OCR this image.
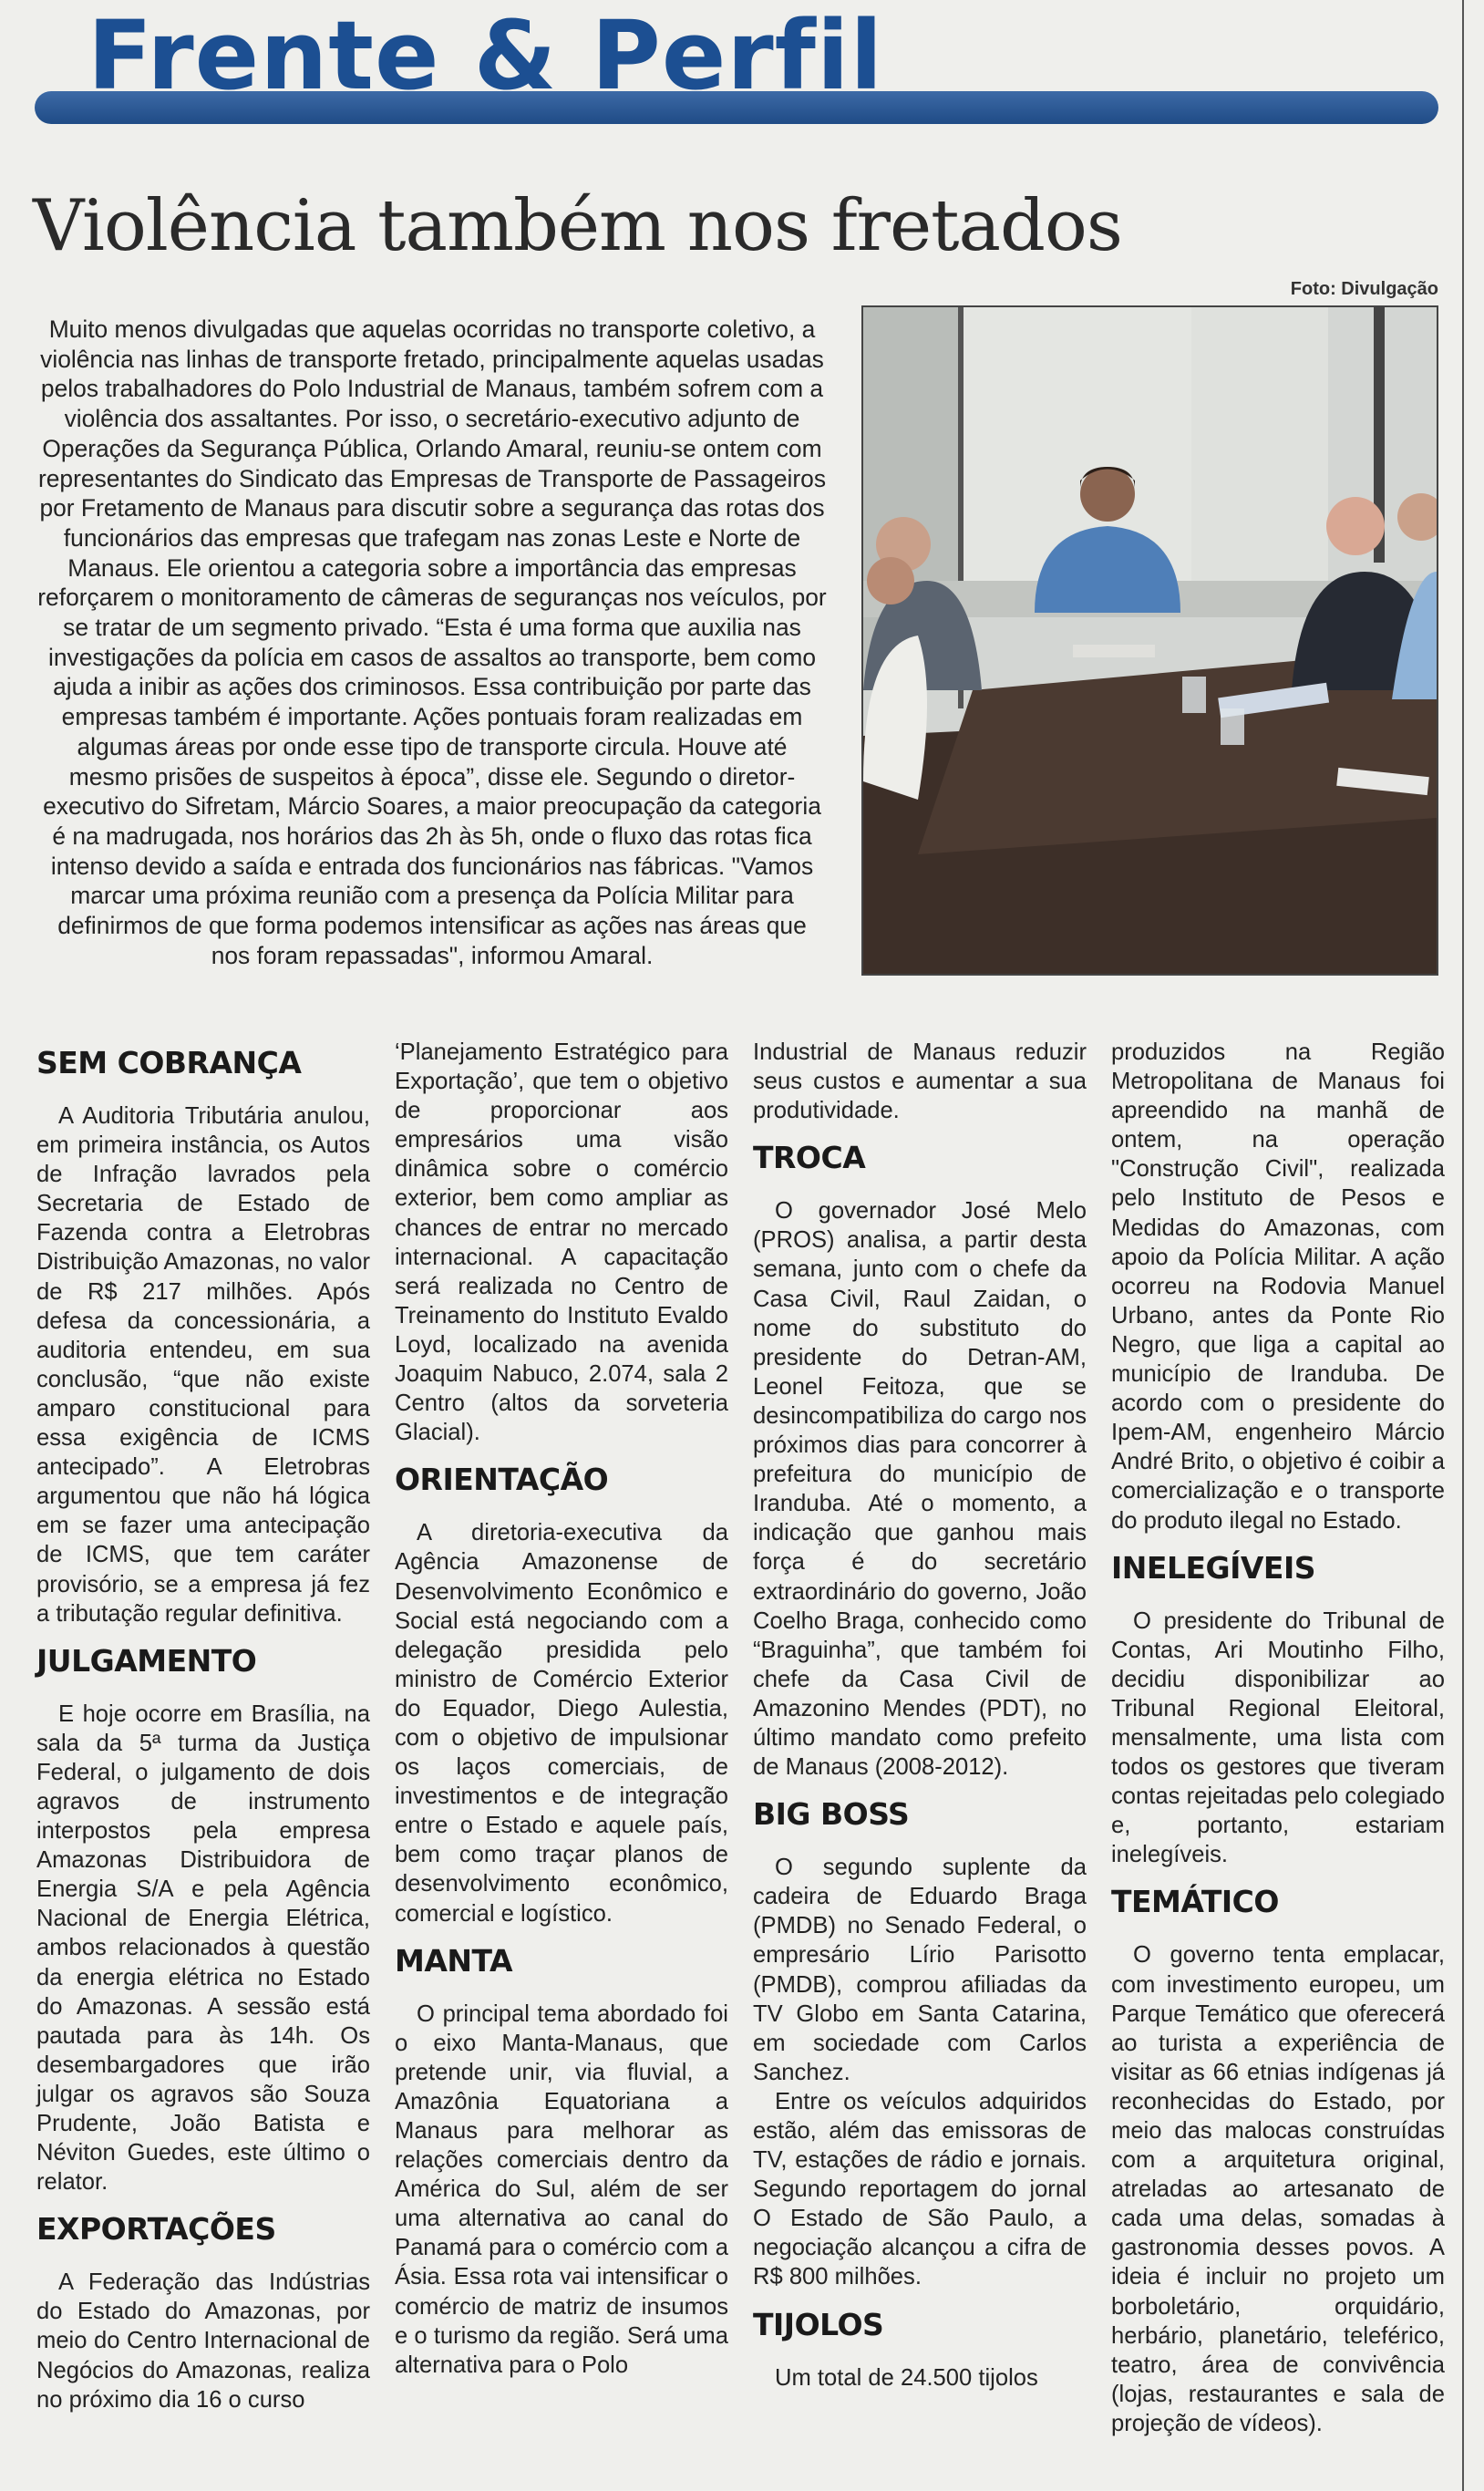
Frente & Perfil
Violência também nos fretados
Foto: Divulgação

Muito menos divulgadas que aquelas ocorridas no transporte coletivo, a violência nas linhas de transporte fretado, principalmente aquelas usadas pelos trabalhadores do Polo Industrial de Manaus, também sofrem com a violência dos assaltantes. Por isso, o secretário-executivo adjunto de Operações da Segurança Pública, Orlando Amaral, reuniu-se ontem com representantes do Sindicato das Empresas de Transporte de Passageiros por Fretamento de Manaus para discutir sobre a segurança das rotas dos funcionários das empresas que trafegam nas zonas Leste e Norte de Manaus. Ele orientou a categoria sobre a importância das empresas reforçarem o monitoramento de câmeras de seguranças nos veículos, por se tratar de um segmento privado. “Esta é uma forma que auxilia nas investigações da polícia em casos de assaltos ao transporte, bem como ajuda a inibir as ações dos criminosos. Essa contribuição por parte das empresas também é importante. Ações pontuais foram realizadas em algumas áreas por onde esse tipo de transporte circula. Houve até mesmo prisões de suspeitos à época”, disse ele. Segundo o diretor-executivo do Sifretam, Márcio Soares, a maior preocupação da categoria é na madrugada, nos horários das 2h às 5h, onde o fluxo das rotas fica intenso devido a saída e entrada dos funcionários nas fábricas. "Vamos marcar uma próxima reunião com a presença da Polícia Militar para definirmos de que forma podemos intensificar as ações nas áreas que nos foram repassadas", informou Amaral.

SEM COBRANÇA

A Auditoria Tributária anulou, em primeira instância, os Autos de Infração lavrados pela Secretaria de Estado de Fazenda contra a Eletrobras Distribuição Amazonas, no valor de R$ 217 milhões. Após defesa da concessionária, a auditoria entendeu, em sua conclusão, “que não existe amparo constitucional para essa exigência de ICMS antecipado”. A Eletrobras argumentou que não há lógica em se fazer uma antecipação de ICMS, que tem caráter provisório, se a empresa já fez a tributação regular definitiva.

JULGAMENTO

E hoje ocorre em Brasília, na sala da 5ª turma da Justiça Federal, o julgamento de dois agravos de instrumento interpostos pela empresa Amazonas Distribuidora de Energia S/A e pela Agência Nacional de Energia Elétrica, ambos relacionados à questão da energia elétrica no Estado do Amazonas. A sessão está pautada para às 14h. Os desembargadores que irão julgar os agravos são Souza Prudente, João Batista e Néviton Guedes, este último o relator.

EXPORTAÇÕES

A Federação das Indústrias do Estado do Amazonas, por meio do Centro Internacional de Negócios do Amazonas, realiza no próximo dia 16 o curso

‘Planejamento Estratégico para Exportação’, que tem o objetivo de proporcionar aos empresários uma visão dinâmica sobre o comércio exterior, bem como ampliar as chances de entrar no mercado internacional. A capacitação será realizada no Centro de Treinamento do Instituto Evaldo Loyd, localizado na avenida Joaquim Nabuco, 2.074, sala 2 Centro (altos da sorveteria Glacial).

ORIENTAÇÃO

A diretoria-executiva da Agência Amazonense de Desenvolvimento Econômico e Social está negociando com a delegação presidida pelo ministro de Comércio Exterior do Equador, Diego Aulestia, com o objetivo de impulsionar os laços comerciais, de investimentos e de integração entre o Estado e aquele país, bem como traçar planos de desenvolvimento econômico, comercial e logístico.

MANTA

O principal tema abordado foi o eixo Manta-Manaus, que pretende unir, via fluvial, a Amazônia Equatoriana a Manaus para melhorar as relações comerciais dentro da América do Sul, além de ser uma alternativa ao canal do Panamá para o comércio com a Ásia. Essa rota vai intensificar o comércio de matriz de insumos e o turismo da região. Será uma alternativa para o Polo

Industrial de Manaus reduzir seus custos e aumentar a sua produtividade.

TROCA

O governador José Melo (PROS) analisa, a partir desta semana, junto com o chefe da Casa Civil, Raul Zaidan, o nome do substituto do presidente do Detran-AM, Leonel Feitoza, que se desincompatibiliza do cargo nos próximos dias para concorrer à prefeitura do município de Iranduba. Até o momento, a indicação que ganhou mais força é do secretário extraordinário do governo, João Coelho Braga, conhecido como “Braguinha”, que também foi chefe da Casa Civil de Amazonino Mendes (PDT), no último mandato como prefeito de Manaus (2008-2012).

BIG BOSS

O segundo suplente da cadeira de Eduardo Braga (PMDB) no Senado Federal, o empresário Lírio Parisotto (PMDB), comprou afiliadas da TV Globo em Santa Catarina, em sociedade com Carlos Sanchez.

Entre os veículos adquiridos estão, além das emissoras de TV, estações de rádio e jornais. Segundo reportagem do jornal O Estado de São Paulo, a negociação alcançou a cifra de R$ 800 milhões.

TIJOLOS

Um total de 24.500 tijolos

produzidos na Região Metropolitana de Manaus foi apreendido na manhã de ontem, na operação "Construção Civil", realizada pelo Instituto de Pesos e Medidas do Amazonas, com apoio da Polícia Militar. A ação ocorreu na Rodovia Manuel Urbano, antes da Ponte Rio Negro, que liga a capital ao município de Iranduba. De acordo com o presidente do Ipem-AM, engenheiro Márcio André Brito, o objetivo é coibir a comercialização e o transporte do produto ilegal no Estado.

INELEGÍVEIS

O presidente do Tribunal de Contas, Ari Moutinho Filho, decidiu disponibilizar ao Tribunal Regional Eleitoral, mensalmente, uma lista com todos os gestores que tiveram contas rejeitadas pelo colegiado e, portanto, estariam inelegíveis.

TEMÁTICO

O governo tenta emplacar, com investimento europeu, um Parque Temático que oferecerá ao turista a experiência de visitar as 66 etnias indígenas já reconhecidas do Estado, por meio das malocas construídas com a arquitetura original, atreladas ao artesanato de cada uma delas, somadas à gastronomia desses povos. A ideia é incluir no projeto um borboletário, orquidário, herbário, planetário, teleférico, teatro, área de convivência (lojas, restaurantes e sala de projeção de vídeos).
